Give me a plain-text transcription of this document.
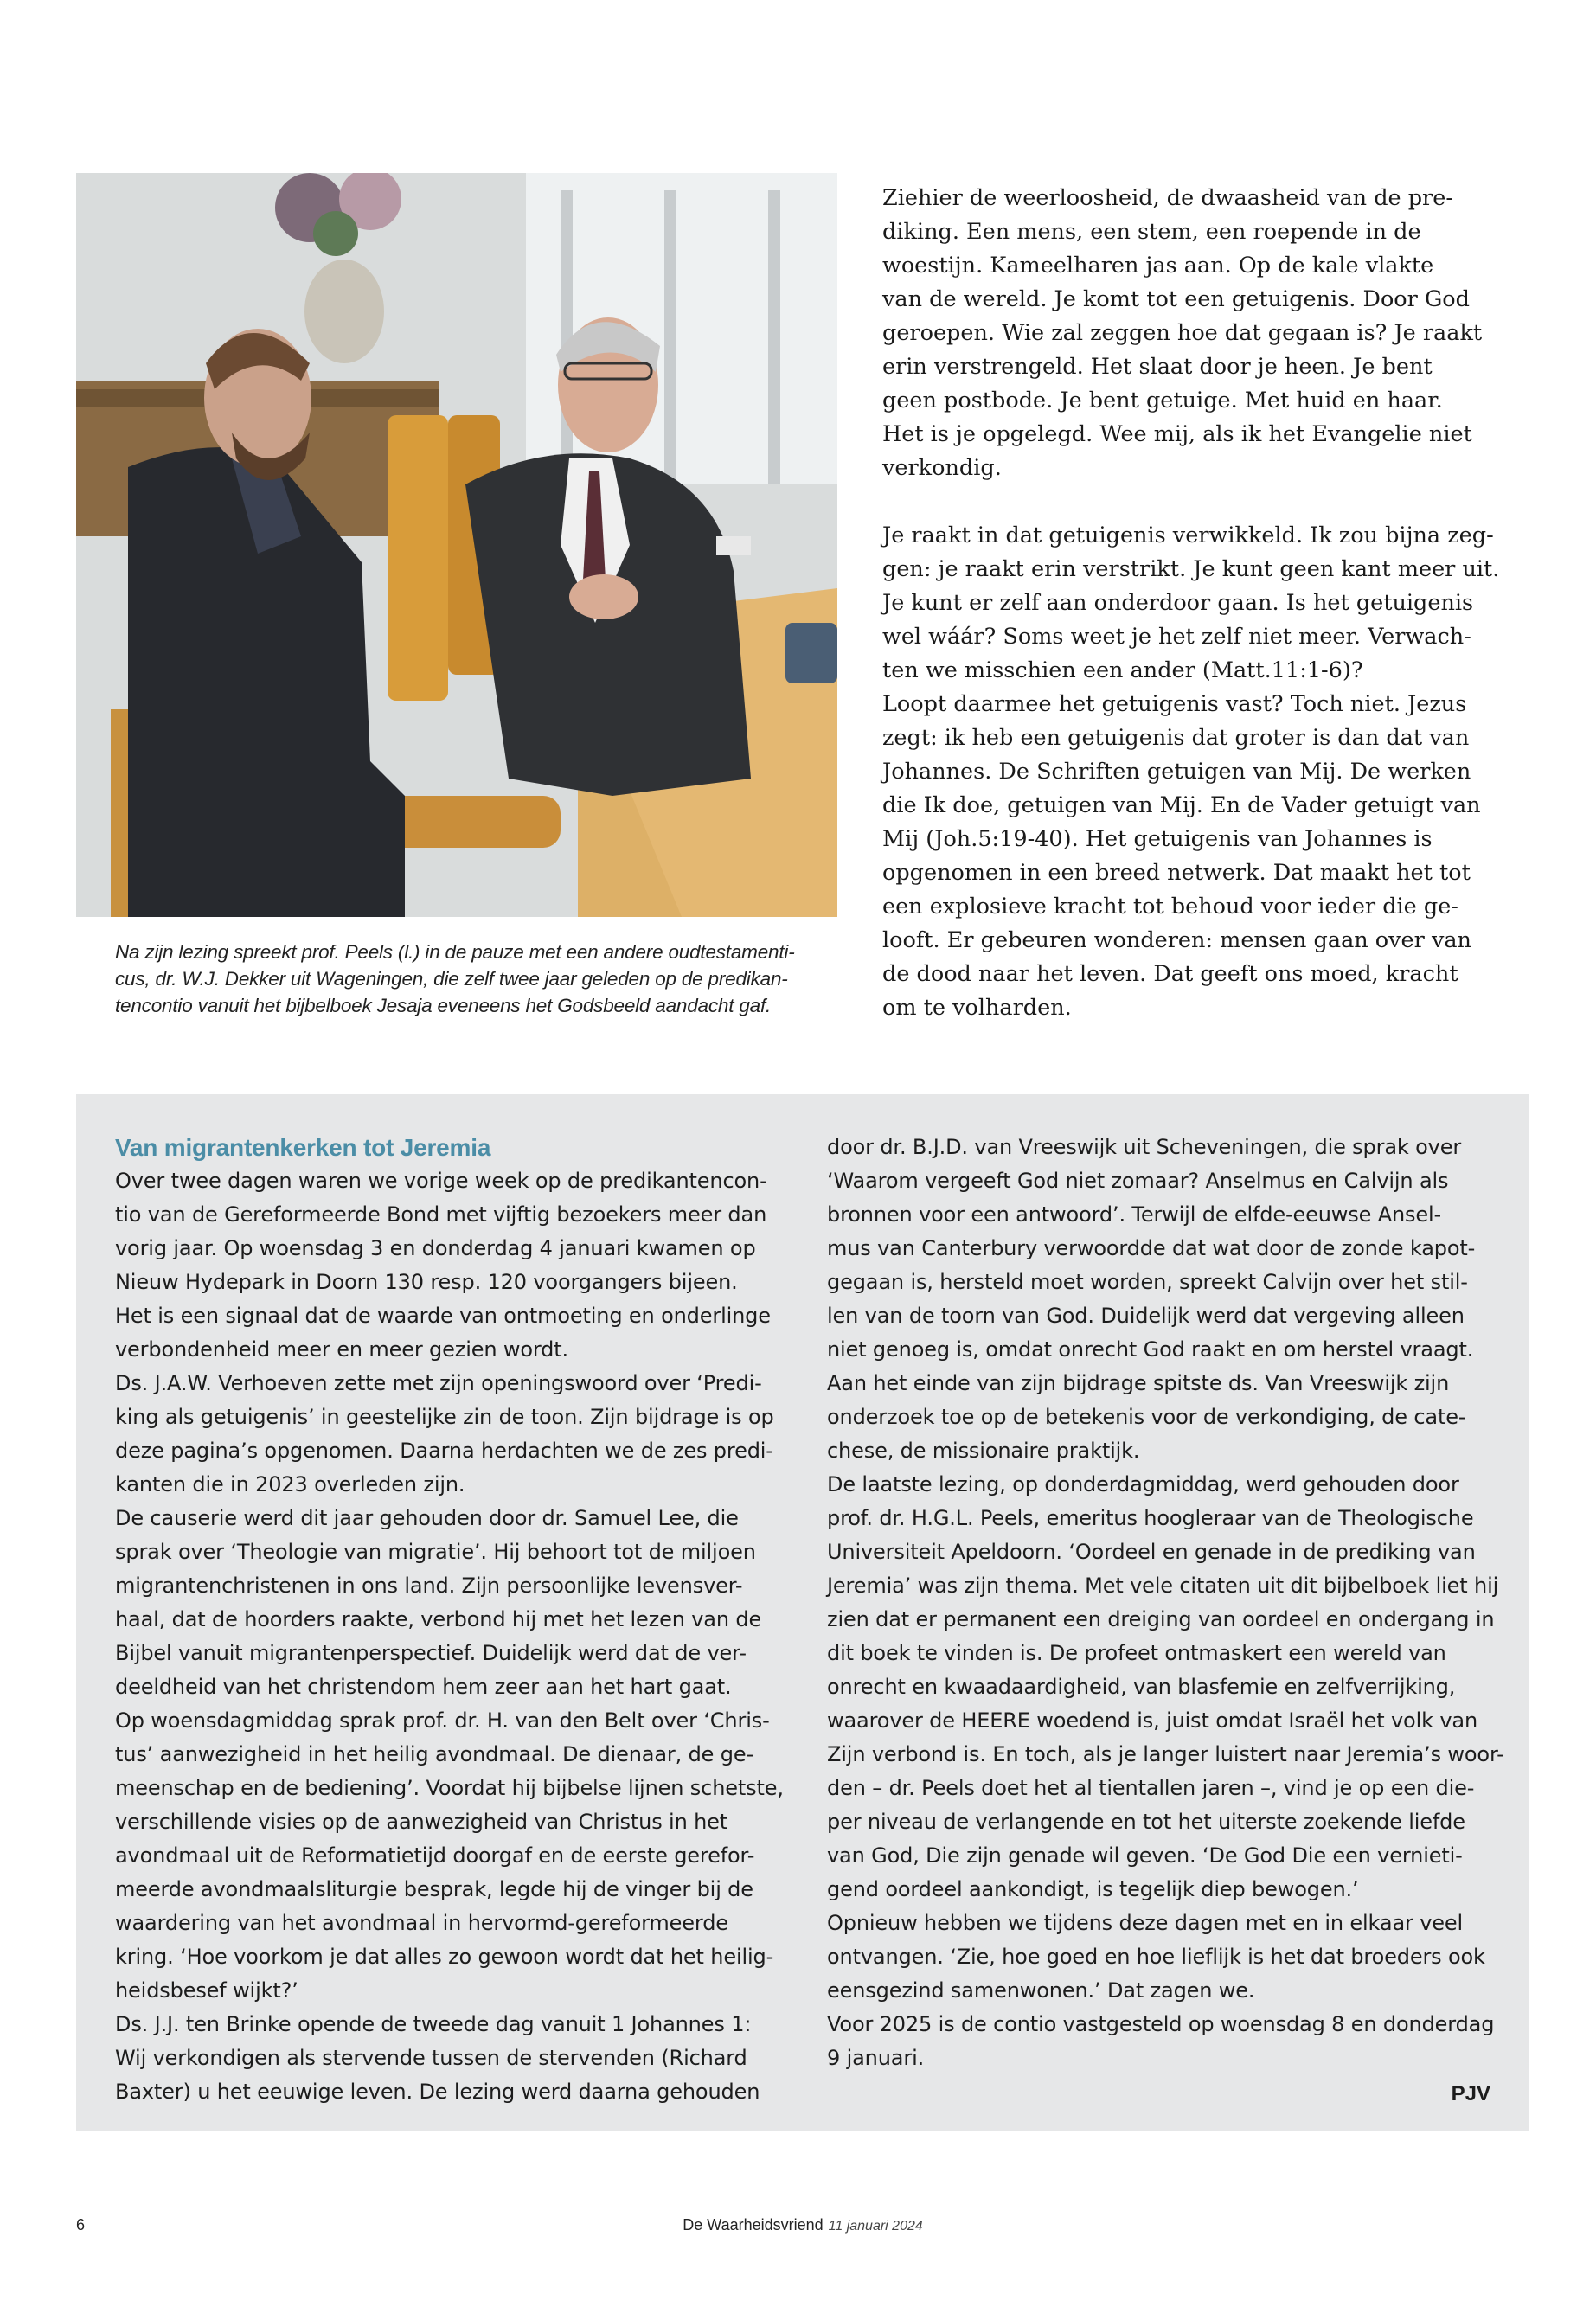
Na zijn lezing spreekt prof. Peels (l.) in de pauze met een andere oudtestamenti-
cus, dr. W.J. Dekker uit Wageningen, die zelf twee jaar geleden op de predikan-
tencontio vanuit het bijbelboek Jesaja eveneens het Godsbeeld aandacht gaf.
Ziehier de weerloosheid, de dwaasheid van de pre-
diking. Een mens, een stem, een roepende in de
woestijn. Kameelharen jas aan. Op de kale vlakte
van de wereld. Je komt tot een getuigenis. Door God
geroepen. Wie zal zeggen hoe dat gegaan is? Je raakt
erin verstrengeld. Het slaat door je heen. Je bent
geen postbode. Je bent getuige. Met huid en haar.
Het is je opgelegd. Wee mij, als ik het Evangelie niet
verkondig.
Je raakt in dat getuigenis verwikkeld. Ik zou bijna zeg-
gen: je raakt erin verstrikt. Je kunt geen kant meer uit.
Je kunt er zelf aan onderdoor gaan. Is het getuigenis
wel wáár? Soms weet je het zelf niet meer. Verwach-
ten we misschien een ander (Matt.11:1-6)?
Loopt daarmee het getuigenis vast? Toch niet. Jezus
zegt: ik heb een getuigenis dat groter is dan dat van
Johannes. De Schriften getuigen van Mij. De werken
die Ik doe, getuigen van Mij. En de Vader getuigt van
Mij (Joh.5:19-40). Het getuigenis van Johannes is
opgenomen in een breed netwerk. Dat maakt het tot
een explosieve kracht tot behoud voor ieder die ge-
looft. Er gebeuren wonderen: mensen gaan over van
de dood naar het leven. Dat geeft ons moed, kracht
om te volharden.
Van migrantenkerken tot Jeremia
Over twee dagen waren we vorige week op de predikantencon-
tio van de Gereformeerde Bond met vijftig bezoekers meer dan
vorig jaar. Op woensdag 3 en donderdag 4 januari kwamen op
Nieuw Hydepark in Doorn 130 resp. 120 voorgangers bijeen.
Het is een signaal dat de waarde van ontmoeting en onderlinge
verbondenheid meer en meer gezien wordt.
Ds. J.A.W. Verhoeven zette met zijn openingswoord over ‘Predi-
king als getuigenis’ in geestelijke zin de toon. Zijn bijdrage is op
deze pagina’s opgenomen. Daarna herdachten we de zes predi-
kanten die in 2023 overleden zijn.
De causerie werd dit jaar gehouden door dr. Samuel Lee, die
sprak over ‘Theologie van migratie’. Hij behoort tot de miljoen
migrantenchristenen in ons land. Zijn persoonlijke levensver-
haal, dat de hoorders raakte, verbond hij met het lezen van de
Bijbel vanuit migrantenperspectief. Duidelijk werd dat de ver-
deeldheid van het christendom hem zeer aan het hart gaat.
Op woensdagmiddag sprak prof. dr. H. van den Belt over ‘Chris-
tus’ aanwezigheid in het heilig avondmaal. De dienaar, de ge-
meenschap en de bediening’. Voordat hij bijbelse lijnen schetste,
verschillende visies op de aanwezigheid van Christus in het
avondmaal uit de Reformatietijd doorgaf en de eerste gerefor-
meerde avondmaalsliturgie besprak, legde hij de vinger bij de
waardering van het avondmaal in hervormd-gereformeerde
kring. ‘Hoe voorkom je dat alles zo gewoon wordt dat het heilig-
heidsbesef wijkt?’
Ds. J.J. ten Brinke opende de tweede dag vanuit 1 Johannes 1:
Wij verkondigen als stervende tussen de stervenden (Richard
Baxter) u het eeuwige leven. De lezing werd daarna gehouden
door dr. B.J.D. van Vreeswijk uit Scheveningen, die sprak over
‘Waarom vergeeft God niet zomaar? Anselmus en Calvijn als
bronnen voor een antwoord’. Terwijl de elfde-eeuwse Ansel-
mus van Canterbury verwoordde dat wat door de zonde kapot-
gegaan is, hersteld moet worden, spreekt Calvijn over het stil-
len van de toorn van God. Duidelijk werd dat vergeving alleen
niet genoeg is, omdat onrecht God raakt en om herstel vraagt.
Aan het einde van zijn bijdrage spitste ds. Van Vreeswijk zijn
onderzoek toe op de betekenis voor de verkondiging, de cate-
chese, de missionaire praktijk.
De laatste lezing, op donderdagmiddag, werd gehouden door
prof. dr. H.G.L. Peels, emeritus hoogleraar van de Theologische
Universiteit Apeldoorn. ‘Oordeel en genade in de prediking van
Jeremia’ was zijn thema. Met vele citaten uit dit bijbelboek liet hij
zien dat er permanent een dreiging van oordeel en ondergang in
dit boek te vinden is. De profeet ontmaskert een wereld van
onrecht en kwaadaardigheid, van blasfemie en zelfverrijking,
waarover de HEERE woedend is, juist omdat Israël het volk van
Zijn verbond is. En toch, als je langer luistert naar Jeremia’s woor-
den – dr. Peels doet het al tientallen jaren –, vind je op een die-
per niveau de verlangende en tot het uiterste zoekende liefde
van God, Die zijn genade wil geven. ‘De God Die een vernieti-
gend oordeel aankondigt, is tegelijk diep bewogen.’
Opnieuw hebben we tijdens deze dagen met en in elkaar veel
ontvangen. ‘Zie, hoe goed en hoe lieflijk is het dat broeders ook
eensgezind samenwonen.’ Dat zagen we.
Voor 2025 is de contio vastgesteld op woensdag 8 en donderdag
9 januari.
PJV
6	De Waarheidsvriend 11 januari 2024
